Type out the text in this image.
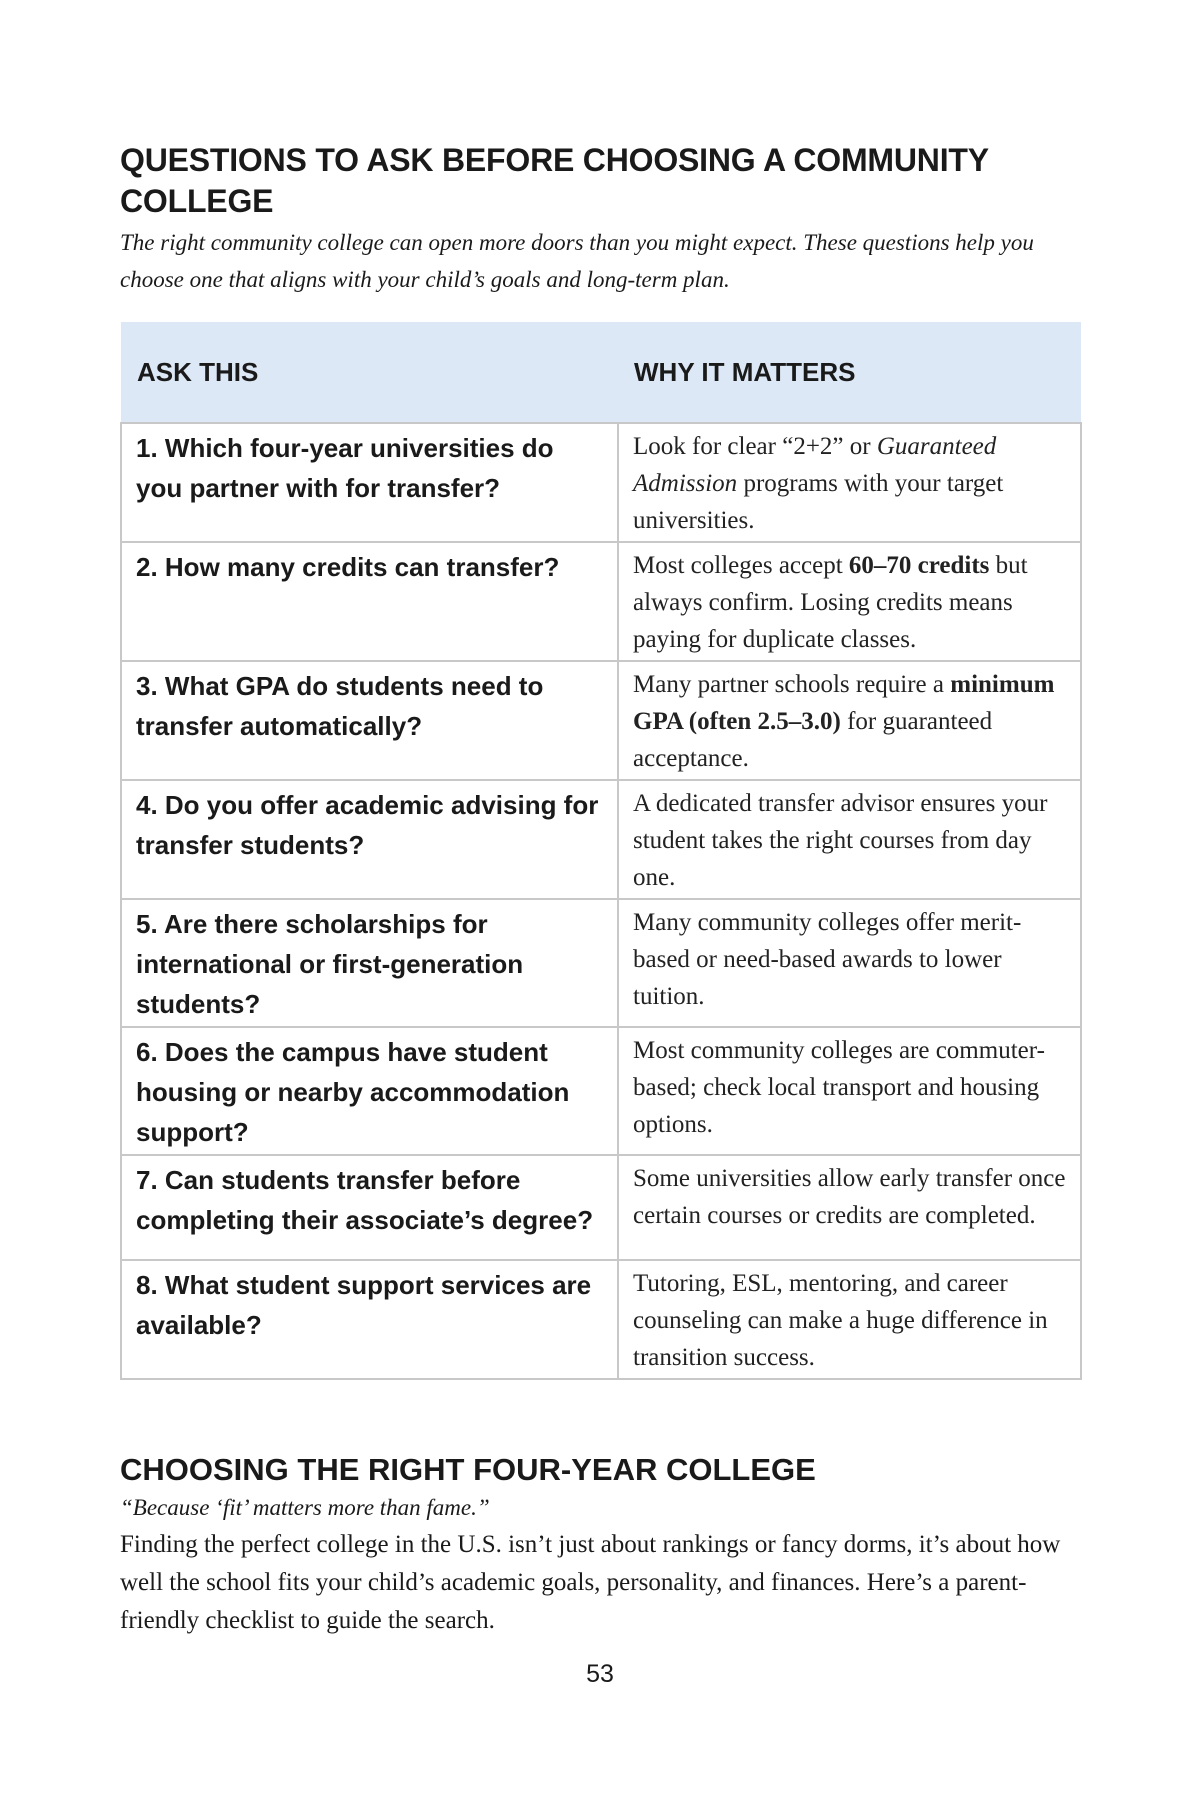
QUESTIONS TO ASK BEFORE CHOOSING A COMMUNITY COLLEGE

The right community college can open more doors than you might expect. These questions help you choose one that aligns with your child’s goals and long-term plan.

ASK THIS	WHY IT MATTERS
1. Which four-year universities do you partner with for transfer?	Look for clear “2+2” or Guaranteed Admission programs with your target universities.
2. How many credits can transfer?	Most colleges accept 60–70 credits but always confirm. Losing credits means paying for duplicate classes.
3. What GPA do students need to transfer automatically?	Many partner schools require a minimum GPA (often 2.5–3.0) for guaranteed acceptance.
4. Do you offer academic advising for transfer students?	A dedicated transfer advisor ensures your student takes the right courses from day one.
5. Are there scholarships for international or first-generation students?	Many community colleges offer merit-based or need-based awards to lower tuition.
6. Does the campus have student housing or nearby accommodation support?	Most community colleges are commuter-based; check local transport and housing options.
7. Can students transfer before completing their associate’s degree?	Some universities allow early transfer once certain courses or credits are completed.
8. What student support services are available?	Tutoring, ESL, mentoring, and career counseling can make a huge difference in transition success.
CHOOSING THE RIGHT FOUR-YEAR COLLEGE

“Because ‘fit’ matters more than fame.”

Finding the perfect college in the U.S. isn’t just about rankings or fancy dorms, it’s about how well the school fits your child’s academic goals, personality, and finances. Here’s a parent-friendly checklist to guide the search.

53
